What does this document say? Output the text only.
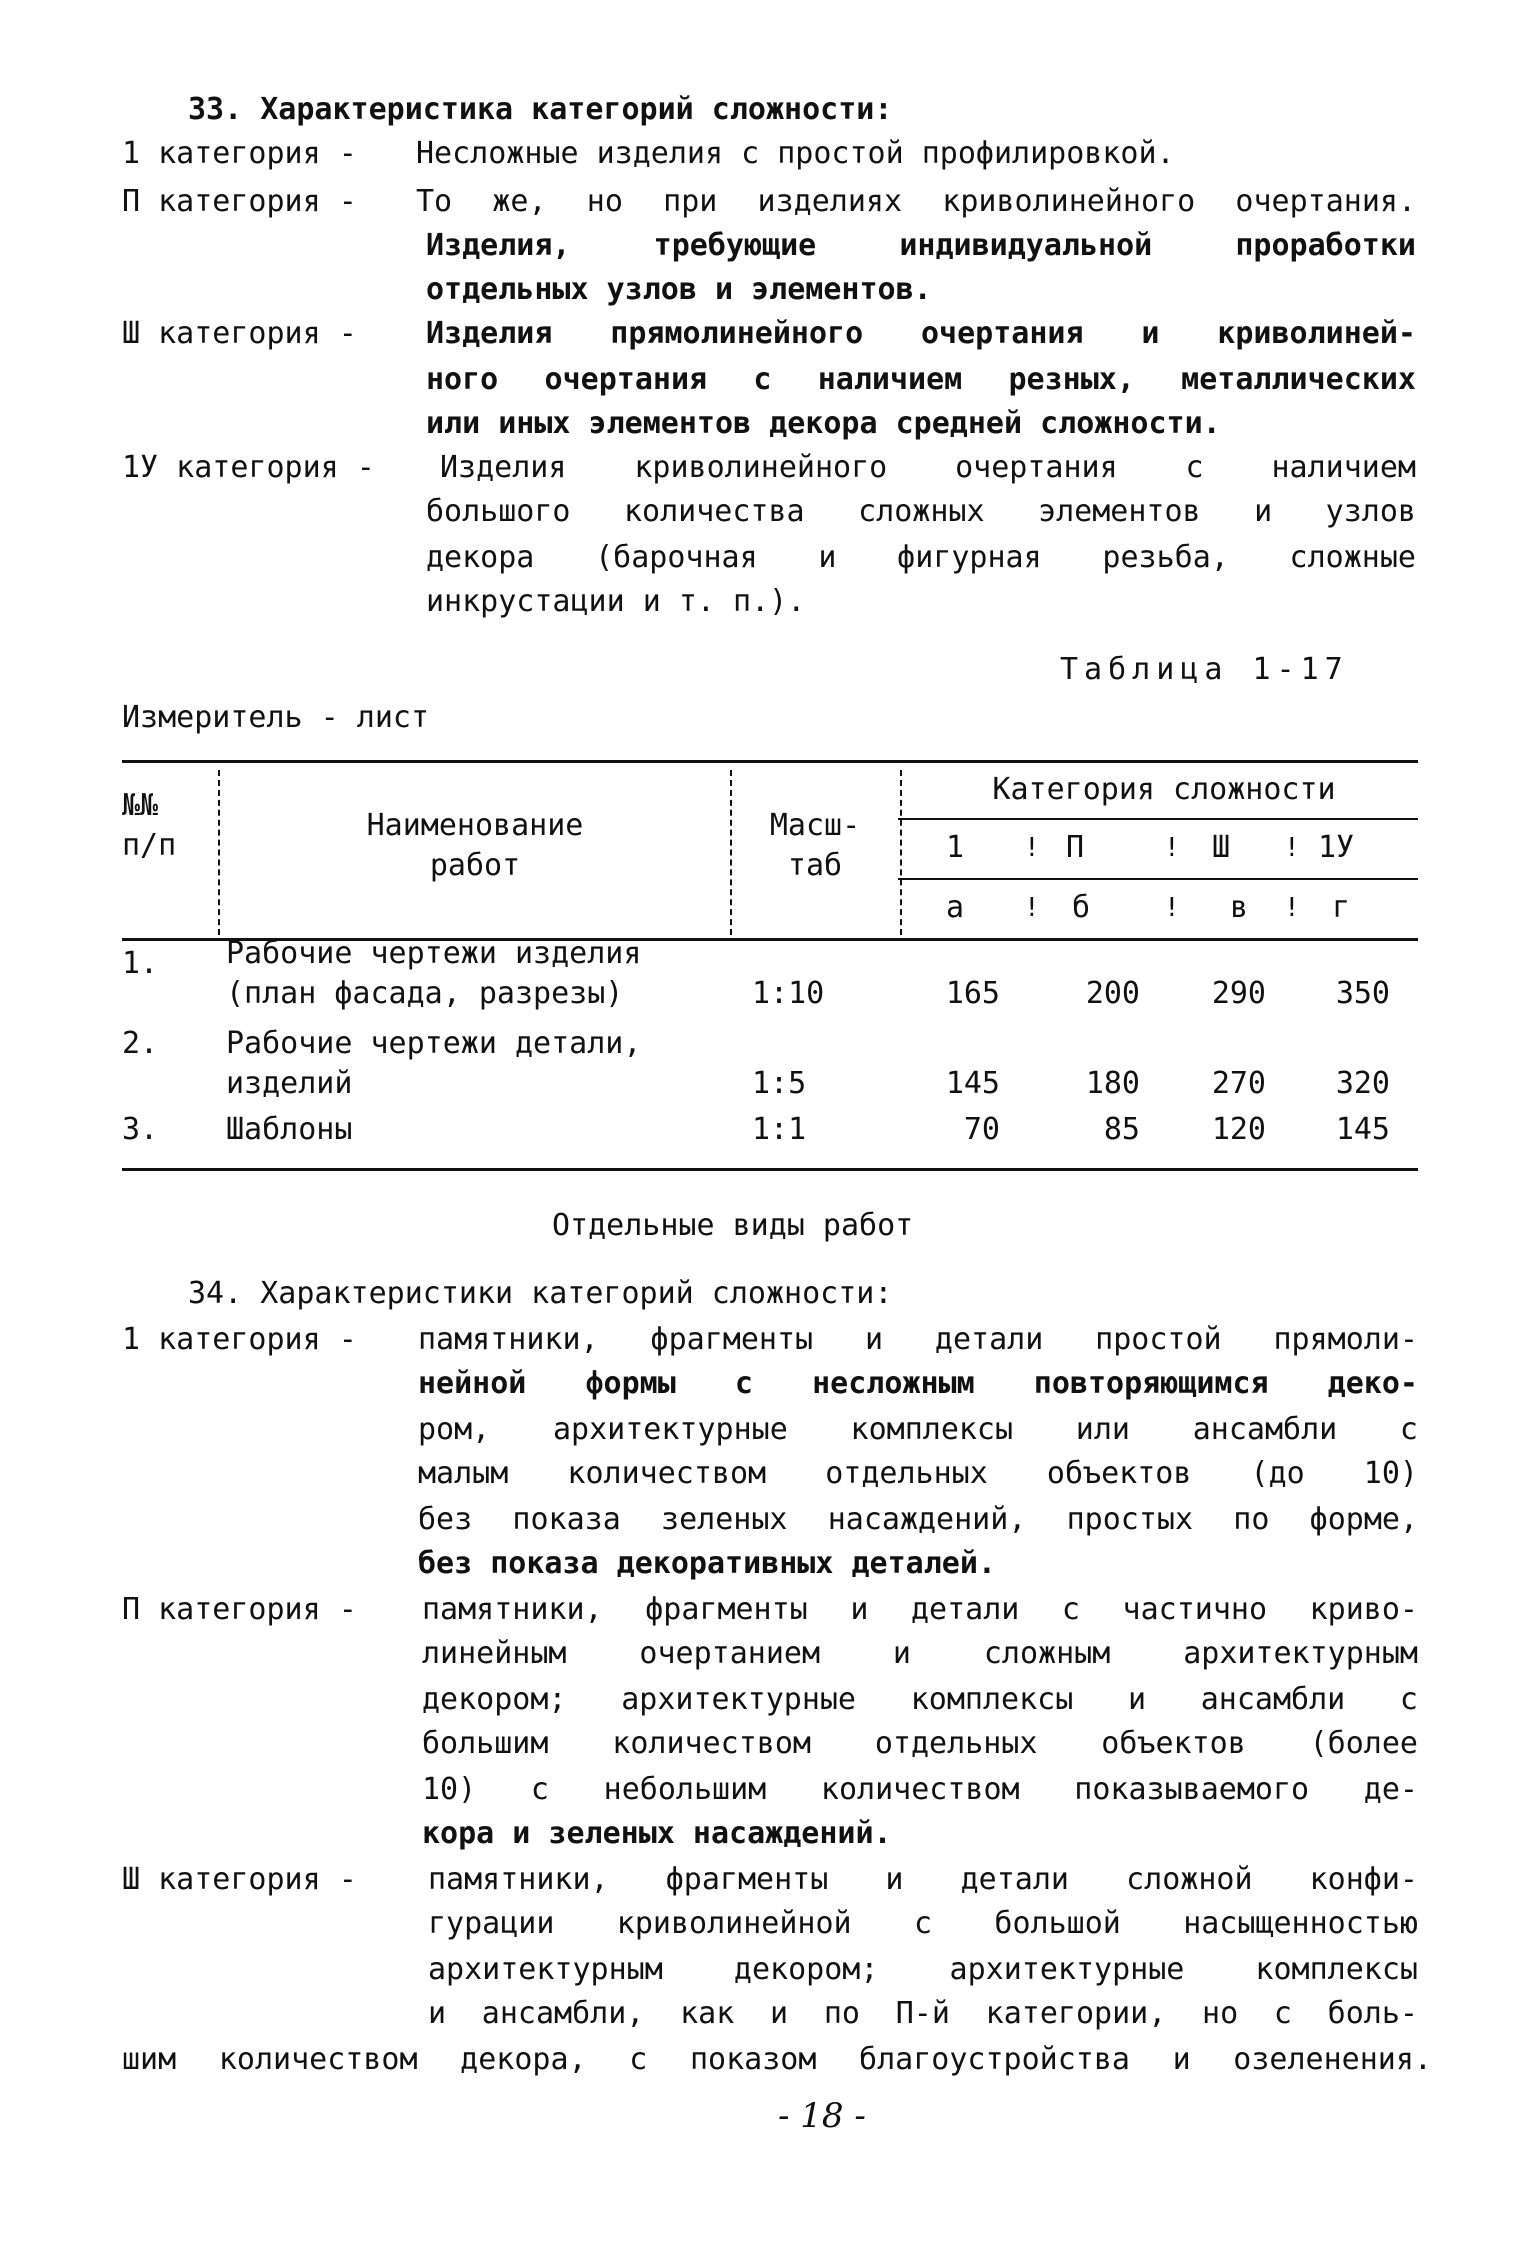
33. Характеристика категорий сложности:
1 категория - Несложные изделия с простой профилировкой.
П категория - То же, но при изделиях криволинейного очертания.
Изделия, требующие индивидуальной проработки
отдельных узлов и элементов.
Ш категория - Изделия прямолинейного очертания и криволиней-
ного очертания с наличием резных, металлических
или иных элементов декора средней сложности.
1У категория - Изделия криволинейного очертания с наличием
большого количества сложных элементов и узлов
декора (барочная и фигурная резьба, сложные
инкрустации и т. п.).
Таблица 1-17
Измеритель - лист
№№
п/п
Наименование
работ
Масш-
таб
Категория сложности
1 ! П	! Ш ! 1У
а ! б	! в ! г
1. Рабочие чертежи изделия
(план фасада, разрезы)	1:10	165	200	290	350
2. Рабочие чертежи детали,
изделий	1:5	145	180	270	320
3. Шаблоны	1:1	70	85	120	145
Отдельные виды работ
34. Характеристики категорий сложности:
1 категория - памятники, фрагменты и детали простой прямоли-
нейной формы с несложным повторяющимся деко-
ром, архитектурные комплексы или ансамбли с
малым количеством отдельных объектов (до 10)
без показа зеленых насаждений, простых по форме,
без показа декоративных деталей.
П категория - памятники, фрагменты и детали с частично криво-
линейным очертанием и сложным архитектурным
декором; архитектурные комплексы и ансамбли с
большим количеством отдельных объектов (более
10) с небольшим количеством показываемого де-
кора и зеленых насаждений.
Ш категория - памятники, фрагменты и детали сложной конфи-
гурации криволинейной с большой насыщенностью
архитектурным декором; архитектурные комплексы
и ансамбли, как и по П-й категории, но с боль-
шим количеством декора, с показом благоустройства и озеленения.
- 18 -
